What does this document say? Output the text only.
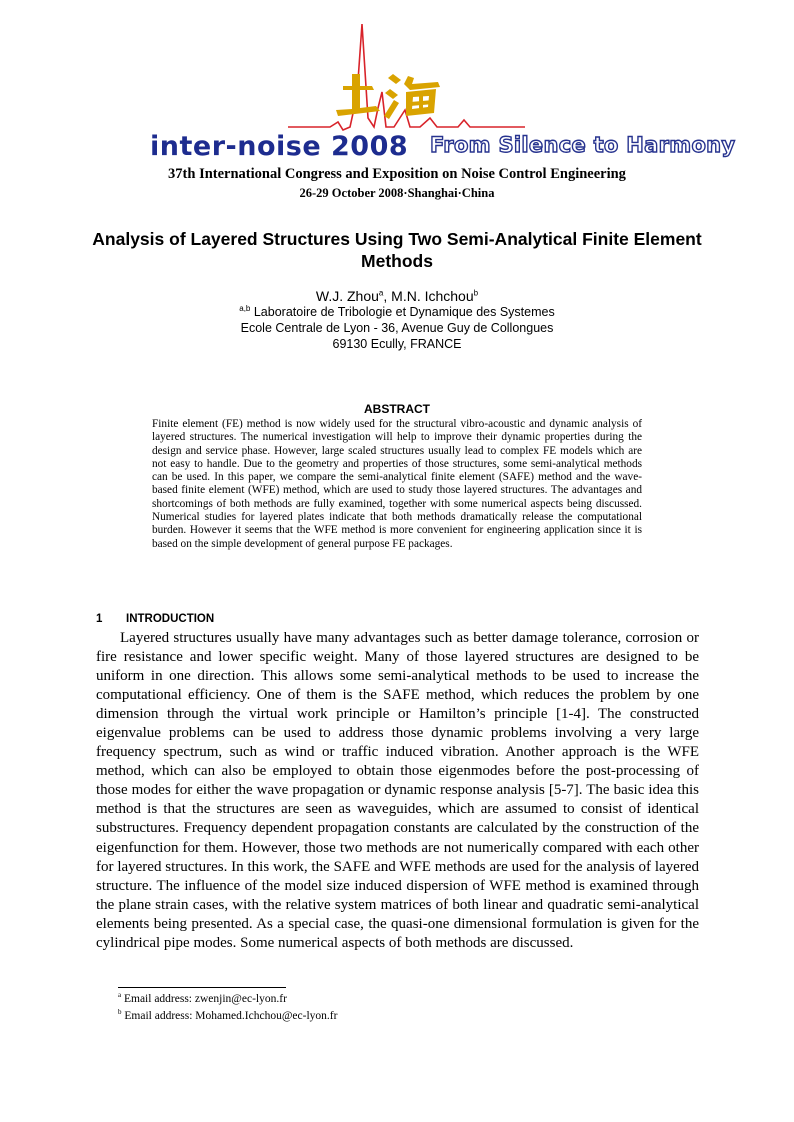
inter-noise 2008 From Silence to Harmony
37th International Congress and Exposition on Noise Control Engineering
26-29 October 2008·Shanghai·China
Analysis of Layered Structures Using Two Semi-Analytical Finite Element Methods
W.J. Zhou$^a$, M.N. Ichchou$^b$
$^{a,b}$ Laboratoire de Tribologie et Dynamique des Systemes
Ecole Centrale de Lyon - 36, Avenue Guy de Collongues
69130 Ecully, FRANCE
ABSTRACT
Finite element (FE) method is now widely used for the structural vibro-acoustic and dynamic analysis of layered structures. The numerical investigation will help to improve their dynamic properties during the design and service phase. However, large scaled structures usually lead to complex FE models which are not easy to handle. Due to the geometry and properties of those structures, some semi-analytical methods can be used. In this paper, we compare the semi-analytical finite element (SAFE) method and the wave-based finite element (WFE) method, which are used to study those layered structures. The advantages and shortcomings of both methods are fully examined, together with some numerical aspects being discussed. Numerical studies for layered plates indicate that both methods dramatically release the computational burden. However it seems that the WFE method is more convenient for engineering application since it is based on the simple development of general purpose FE packages.
1 INTRODUCTION
Layered structures usually have many advantages such as better damage tolerance, corrosion or fire resistance and lower specific weight. Many of those layered structures are designed to be uniform in one direction. This allows some semi-analytical methods to be used to increase the computational efficiency. One of them is the SAFE method, which reduces the problem by one dimension through the virtual work principle or Hamilton’s principle [1-4]. The constructed eigenvalue problems can be used to address those dynamic problems involving a very large frequency spectrum, such as wind or traffic induced vibration. Another approach is the WFE method, which can also be employed to obtain those eigenmodes before the post-processing of those modes for either the wave propagation or dynamic response analysis [5-7]. The basic idea this method is that the structures are seen as waveguides, which are assumed to consist of identical substructures. Frequency dependent propagation constants are calculated by the construction of the eigenfunction for them. However, those two methods are not numerically compared with each other for layered structures. In this work, the SAFE and WFE methods are used for the analysis of layered structure. The influence of the model size induced dispersion of WFE method is examined through the plane strain cases, with the relative system matrices of both linear and quadratic semi-analytical elements being presented. As a special case, the quasi-one dimensional formulation is given for the cylindrical pipe modes. Some numerical aspects of both methods are discussed.
$^a$ Email address: zwenjin@ec-lyon.fr
$^b$ Email address: Mohamed.Ichchou@ec-lyon.fr
